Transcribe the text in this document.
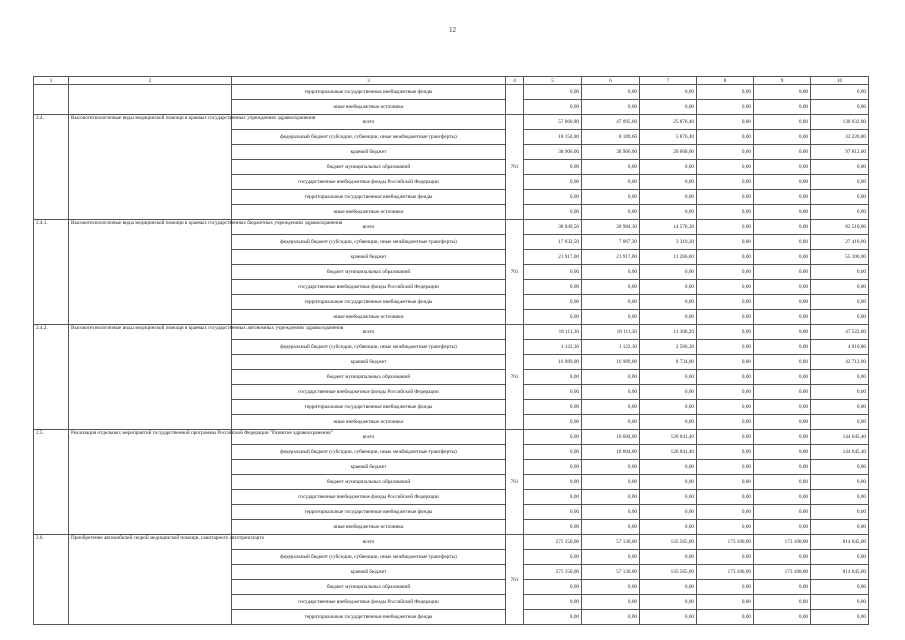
12
1	2	3	4	5	6	7	8	9	10
		территориальные государственные внебюджетные фонды		0,00	0,00	0,00	0,00	0,00	0,00
		иные внебюджетные источники		0,00	0,00	0,00	0,00	0,00	0,00
2.4.	Высокотехнологичные виды медицинской помощи в краевых государственных учреждениях здравоохранения	всего	761	57 060,80	47 095,60	25 876,40	0,00	0,00	130 032,80
		федеральный бюджет (субсидии, субвенции, иные межбюджетные трансферты)		18 154,80	8 189,60	5 876,40	0,00	0,00	32 220,80
		краевой бюджет		38 906,00	38 906,00	20 000,00	0,00	0,00	97 812,00
		бюджет муниципальных образований		0,00	0,00	0,00	0,00	0,00	0,00
		государственные внебюджетные фонды Российской Федерации		0,00	0,00	0,00	0,00	0,00	0,00
		территориальные государственные внебюджетные фонды		0,00	0,00	0,00	0,00	0,00	0,00
		иные внебюджетные источники		0,00	0,00	0,00	0,00	0,00	0,00
2.4.1.	Высокотехнологичные виды медицинской помощи в краевых государственных бюджетных учреждениях здравоохранения	всего	761	38 949,50	28 984,30	14 576,20	0,00	0,00	82 510,00
		федеральный бюджет (субсидии, субвенции, иные межбюджетные трансферты)		17 032,50	7 067,30	3 310,20	0,00	0,00	27 410,00
		краевой бюджет		21 917,00	21 917,00	11 266,00	0,00	0,00	55 100,00
		бюджет муниципальных образований		0,00	0,00	0,00	0,00	0,00	0,00
		государственные внебюджетные фонды Российской Федерации		0,00	0,00	0,00	0,00	0,00	0,00
		территориальные государственные внебюджетные фонды		0,00	0,00	0,00	0,00	0,00	0,00
		иные внебюджетные источники		0,00	0,00	0,00	0,00	0,00	0,00
2.4.2.	Высокотехнологичные виды медицинской помощи в краевых государственных автономных учреждениях здравоохранения	всего	761	18 111,30	18 111,30	11 300,20	0,00	0,00	47 522,80
		федеральный бюджет (субсидии, субвенции, иные межбюджетные трансферты)		1 122,30	1 122,30	2 566,20	0,00	0,00	4 810,80
		краевой бюджет		16 989,00	16 989,00	8 734,00	0,00	0,00	42 712,00
		бюджет муниципальных образований		0,00	0,00	0,00	0,00	0,00	0,00
		государственные внебюджетные фонды Российской Федерации		0,00	0,00	0,00	0,00	0,00	0,00
		территориальные государственные внебюджетные фонды		0,00	0,00	0,00	0,00	0,00	0,00
		иные внебюджетные источники		0,00	0,00	0,00	0,00	0,00	0,00
2.5.	Реализация отдельных мероприятий государственной программы Российской Федерации "Развитие здравоохранения"	всего	761	0,00	18 604,00	126 041,40	0,00	0,00	144 645,40
		федеральный бюджет (субсидии, субвенции, иные межбюджетные трансферты)		0,00	18 604,00	126 041,40	0,00	0,00	144 645,40
		краевой бюджет		0,00	0,00	0,00	0,00	0,00	0,00
		бюджет муниципальных образований		0,00	0,00	0,00	0,00	0,00	0,00
		государственные внебюджетные фонды Российской Федерации		0,00	0,00	0,00	0,00	0,00	0,00
		территориальные государственные внебюджетные фонды		0,00	0,00	0,00	0,00	0,00	0,00
		иные внебюджетные источники		0,00	0,00	0,00	0,00	0,00	0,00
2.6.	Приобретение автомобилей скорой медицинской помощи, санитарного автотранспорта	всего	761	275 150,00	57 130,00	135 565,00	173 100,00	173 100,00	814 045,00
		федеральный бюджет (субсидии, субвенции, иные межбюджетные трансферты)		0,00	0,00	0,00	0,00	0,00	0,00
		краевой бюджет		275 150,00	57 130,00	135 565,00	173 100,00	173 100,00	814 045,00
		бюджет муниципальных образований		0,00	0,00	0,00	0,00	0,00	0,00
		государственные внебюджетные фонды Российской Федерации		0,00	0,00	0,00	0,00	0,00	0,00
		территориальные государственные внебюджетные фонды		0,00	0,00	0,00	0,00	0,00	0,00
